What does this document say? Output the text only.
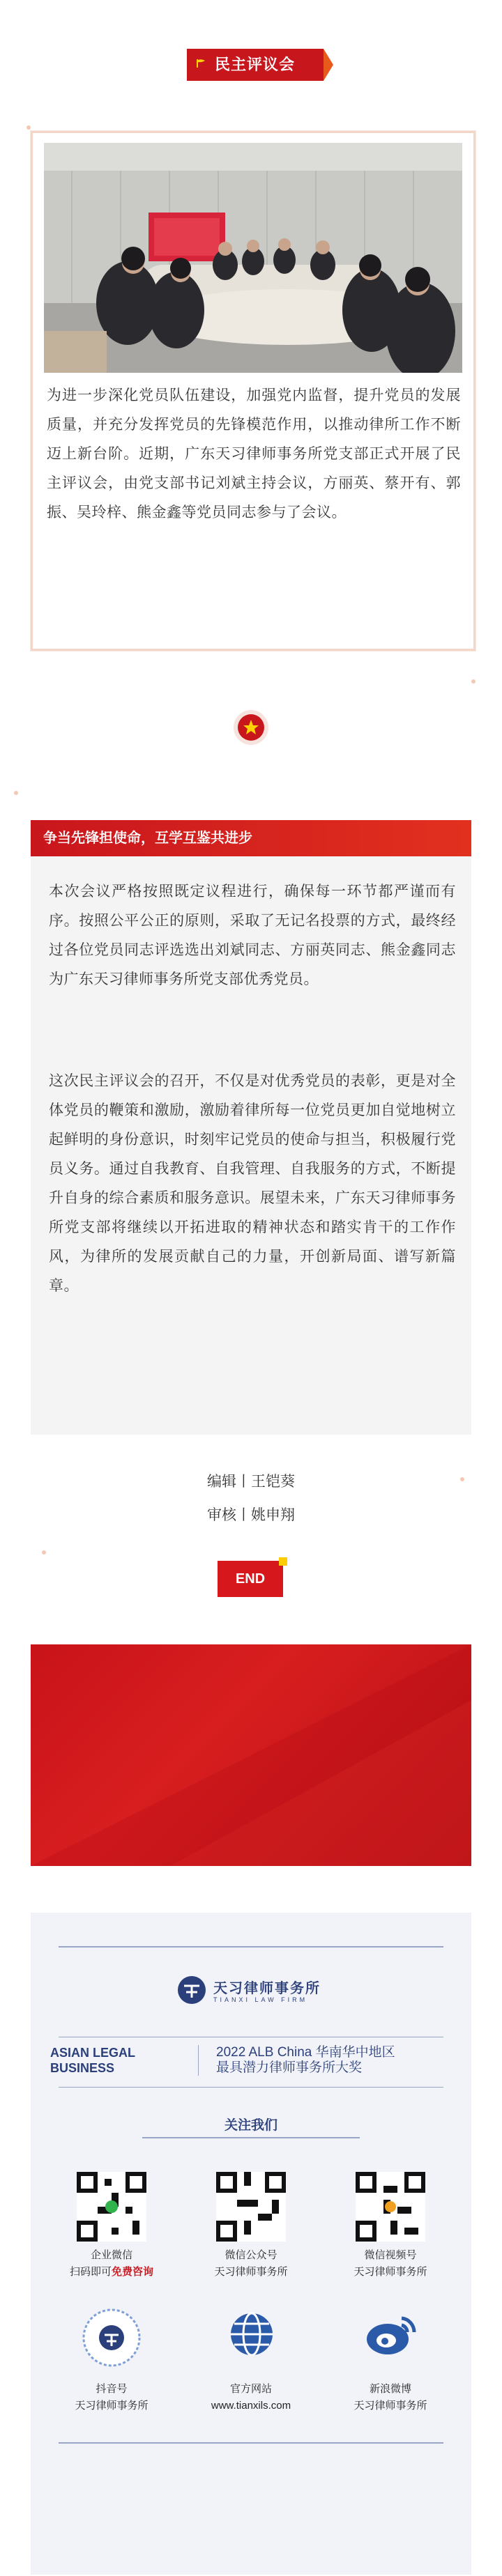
民主评议会
为进一步深化党员队伍建设，加强党内监督，提升党员的发展质量，并充分发挥党员的先锋模范作用，以推动律所工作不断迈上新台阶。近期，广东天习律师事务所党支部正式开展了民主评议会，由党支部书记刘斌主持会议，方丽英、蔡开有、郭振、吴玲梓、熊金鑫等党员同志参与了会议。
争当先锋担使命，互学互鉴共进步
本次会议严格按照既定议程进行，确保每一环节都严谨而有序。按照公平公正的原则，采取了无记名投票的方式，最终经过各位党员同志评选选出刘斌同志、方丽英同志、熊金鑫同志为广东天习律师事务所党支部优秀党员。
这次民主评议会的召开，不仅是对优秀党员的表彰，更是对全体党员的鞭策和激励，激励着律所每一位党员更加自觉地树立起鲜明的身份意识，时刻牢记党员的使命与担当，积极履行党员义务。通过自我教育、自我管理、自我服务的方式，不断提升自身的综合素质和服务意识。展望未来，广东天习律师事务所党支部将继续以开拓进取的精神状态和踏实肯干的工作作风，为律所的发展贡献自己的力量，开创新局面、谱写新篇章。
编辑丨王铠葵
审核丨姚申翔
END
天习律师事务所
TIANXI LAW FIRM
ASIAN LEGAL
BUSINESS
2022 ALB China 华南华中地区
最具潜力律师事务所大奖
关注我们
企业微信
扫码即可免费咨询
微信公众号
天习律师事务所
微信视频号
天习律师事务所
抖音号
天习律师事务所
官方网站
www.tianxils.com
新浪微博
天习律师事务所
